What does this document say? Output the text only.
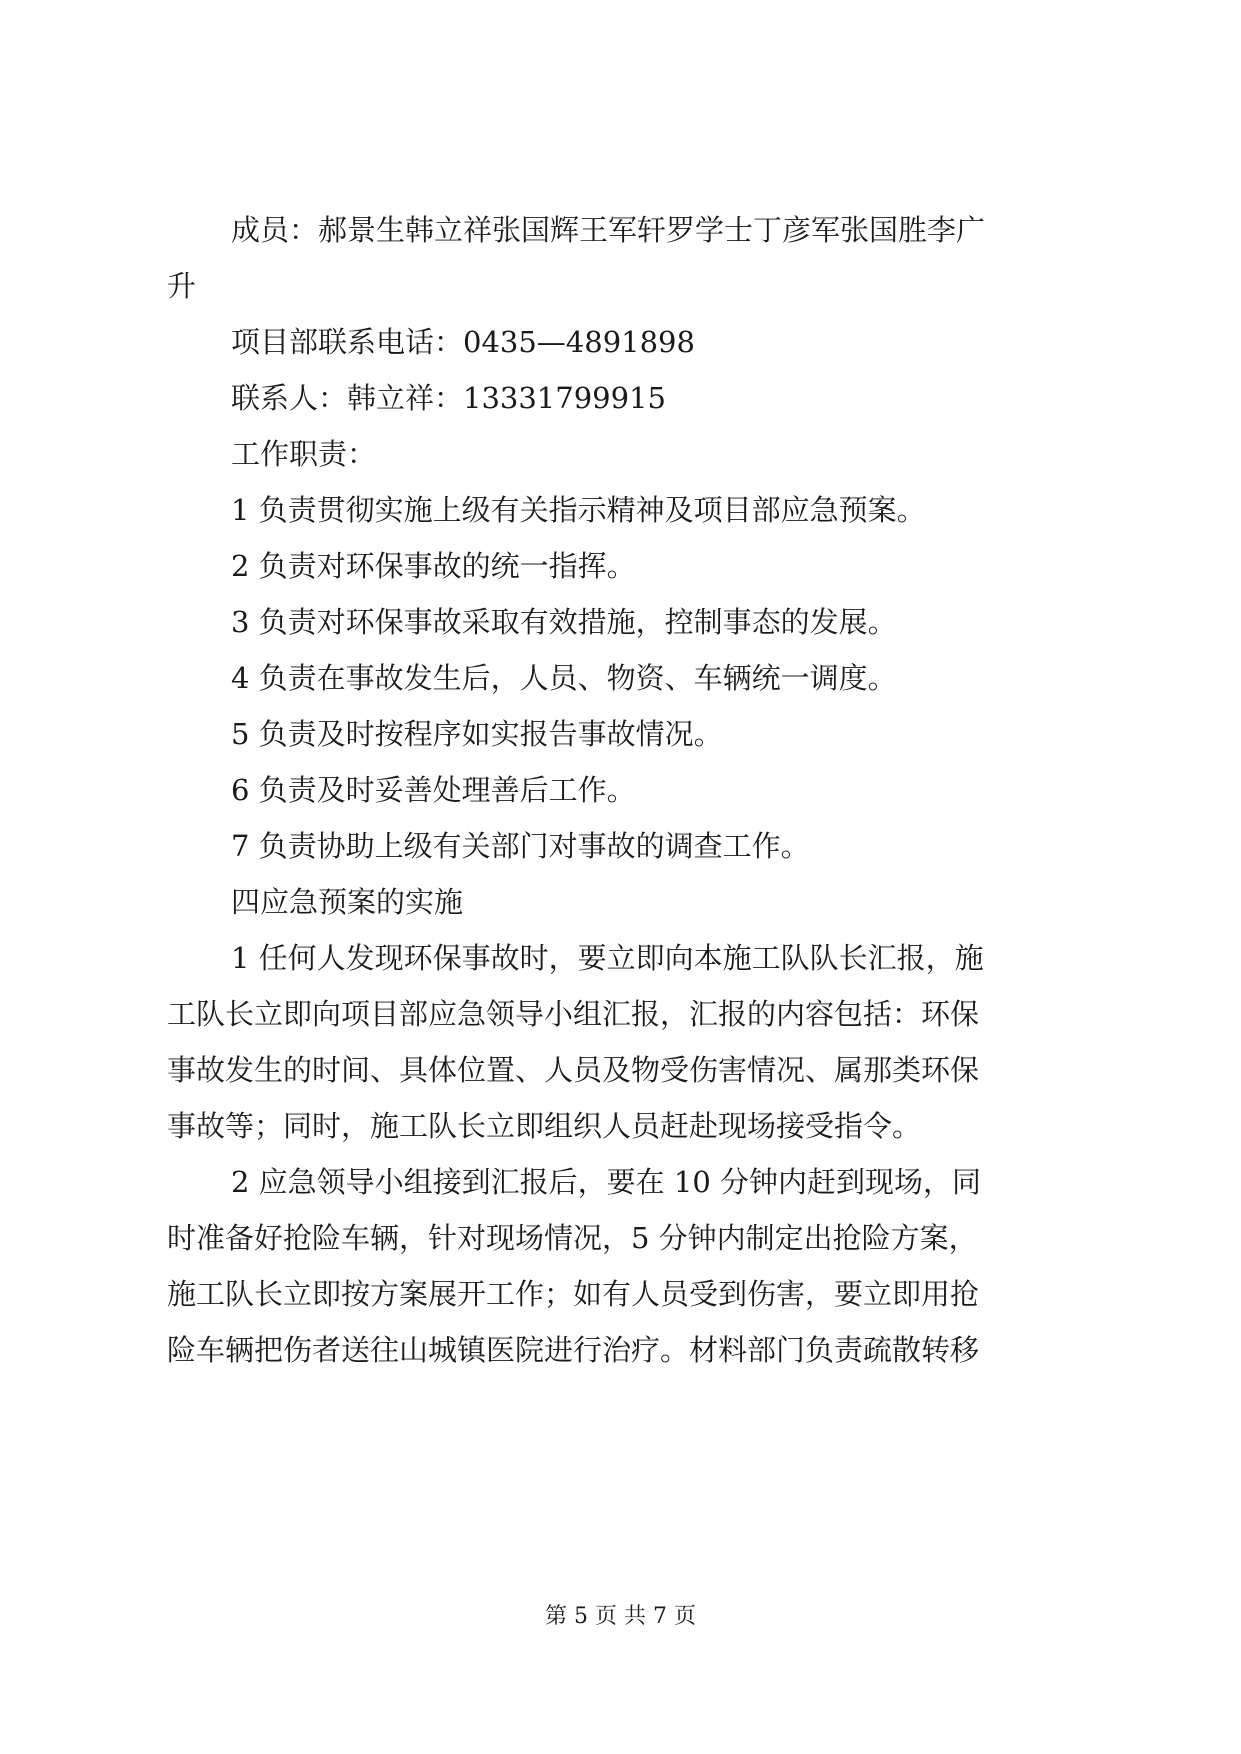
成员：郝景生韩立祥张国辉王军轩罗学士丁彦军张国胜李广
升
项目部联系电话：0435—4891898
联系人：韩立祥：13331799915
工作职责：
1 负责贯彻实施上级有关指示精神及项目部应急预案。
2 负责对环保事故的统一指挥。
3 负责对环保事故采取有效措施，控制事态的发展。
4 负责在事故发生后，人员、物资、车辆统一调度。
5 负责及时按程序如实报告事故情况。
6 负责及时妥善处理善后工作。
7 负责协助上级有关部门对事故的调查工作。
四应急预案的实施
1 任何人发现环保事故时，要立即向本施工队队长汇报，施
工队长立即向项目部应急领导小组汇报，汇报的内容包括：环保
事故发生的时间、具体位置、人员及物受伤害情况、属那类环保
事故等；同时，施工队长立即组织人员赶赴现场接受指令。
2 应急领导小组接到汇报后，要在 10 分钟内赶到现场，同
时准备好抢险车辆，针对现场情况，5 分钟内制定出抢险方案，
施工队长立即按方案展开工作；如有人员受到伤害，要立即用抢
险车辆把伤者送往山城镇医院进行治疗。材料部门负责疏散转移
第 5 页 共 7 页
